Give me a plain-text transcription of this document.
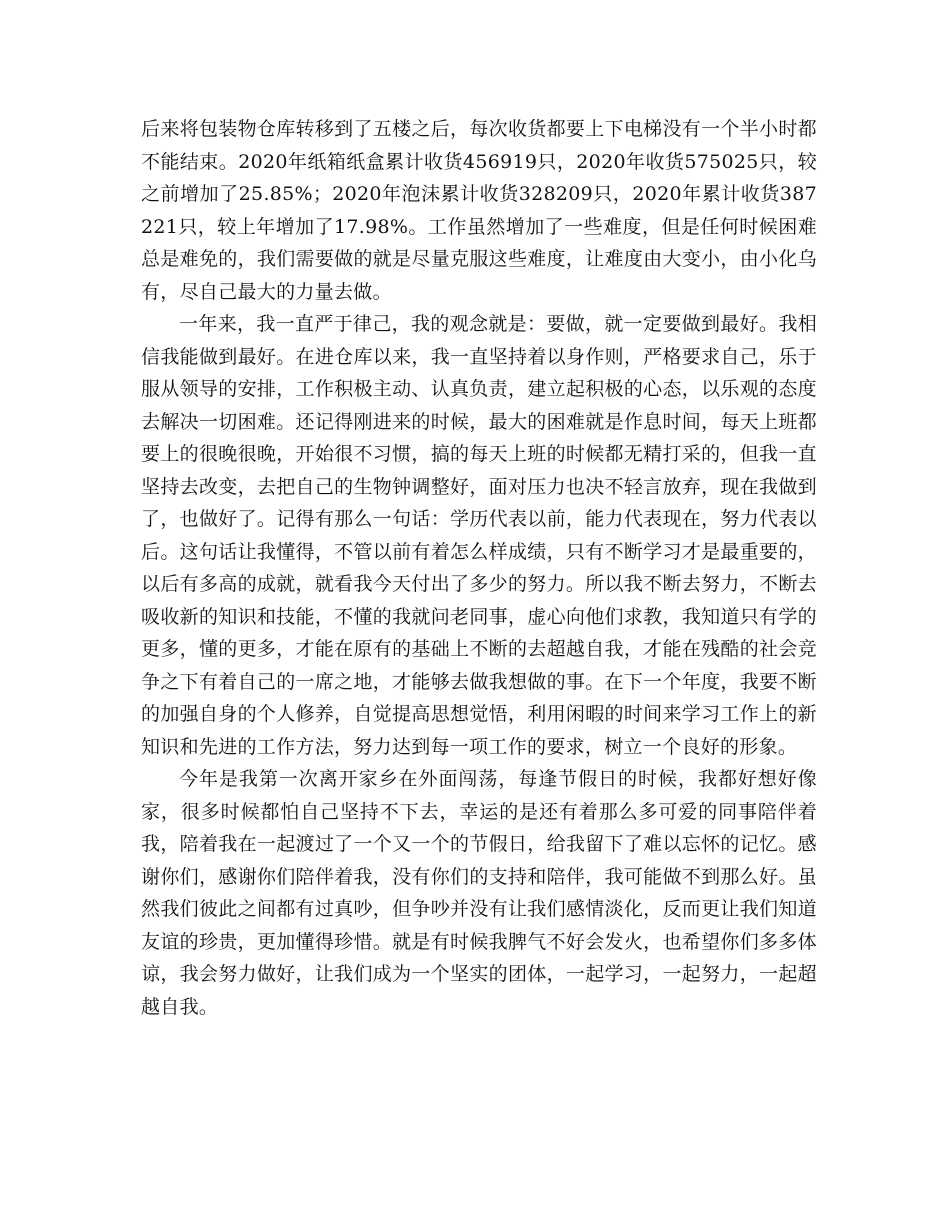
后来将包装物仓库转移到了五楼之后，每次收货都要上下电梯没有一个半小时都不能结束。2020年纸箱纸盒累计收货456919只，2020年收货575025只，较之前增加了25.85%；2020年泡沫累计收货328209只，2020年累计收货387221只，较上年增加了17.98%。工作虽然增加了一些难度，但是任何时候困难总是难免的，我们需要做的就是尽量克服这些难度，让难度由大变小，由小化乌有，尽自己最大的力量去做。

一年来，我一直严于律己，我的观念就是：要做，就一定要做到最好。我相信我能做到最好。在进仓库以来，我一直坚持着以身作则，严格要求自己，乐于服从领导的安排，工作积极主动、认真负责，建立起积极的心态，以乐观的态度去解决一切困难。还记得刚进来的时候，最大的困难就是作息时间，每天上班都要上的很晚很晚，开始很不习惯，搞的每天上班的时候都无精打采的，但我一直坚持去改变，去把自己的生物钟调整好，面对压力也决不轻言放弃，现在我做到了，也做好了。记得有那么一句话：学历代表以前，能力代表现在，努力代表以后。这句话让我懂得，不管以前有着怎么样成绩，只有不断学习才是最重要的，以后有多高的成就，就看我今天付出了多少的努力。所以我不断去努力，不断去吸收新的知识和技能，不懂的我就问老同事，虚心向他们求教，我知道只有学的更多，懂的更多，才能在原有的基础上不断的去超越自我，才能在残酷的社会竞争之下有着自己的一席之地，才能够去做我想做的事。在下一个年度，我要不断的加强自身的个人修养，自觉提高思想觉悟，利用闲暇的时间来学习工作上的新知识和先进的工作方法，努力达到每一项工作的要求，树立一个良好的形象。

今年是我第一次离开家乡在外面闯荡，每逢节假日的时候，我都好想好像家，很多时候都怕自己坚持不下去，幸运的是还有着那么多可爱的同事陪伴着我，陪着我在一起渡过了一个又一个的节假日，给我留下了难以忘怀的记忆。感谢你们，感谢你们陪伴着我，没有你们的支持和陪伴，我可能做不到那么好。虽然我们彼此之间都有过真吵，但争吵并没有让我们感情淡化，反而更让我们知道友谊的珍贵，更加懂得珍惜。就是有时候我脾气不好会发火，也希望你们多多体谅，我会努力做好，让我们成为一个坚实的团体，一起学习，一起努力，一起超越自我。
